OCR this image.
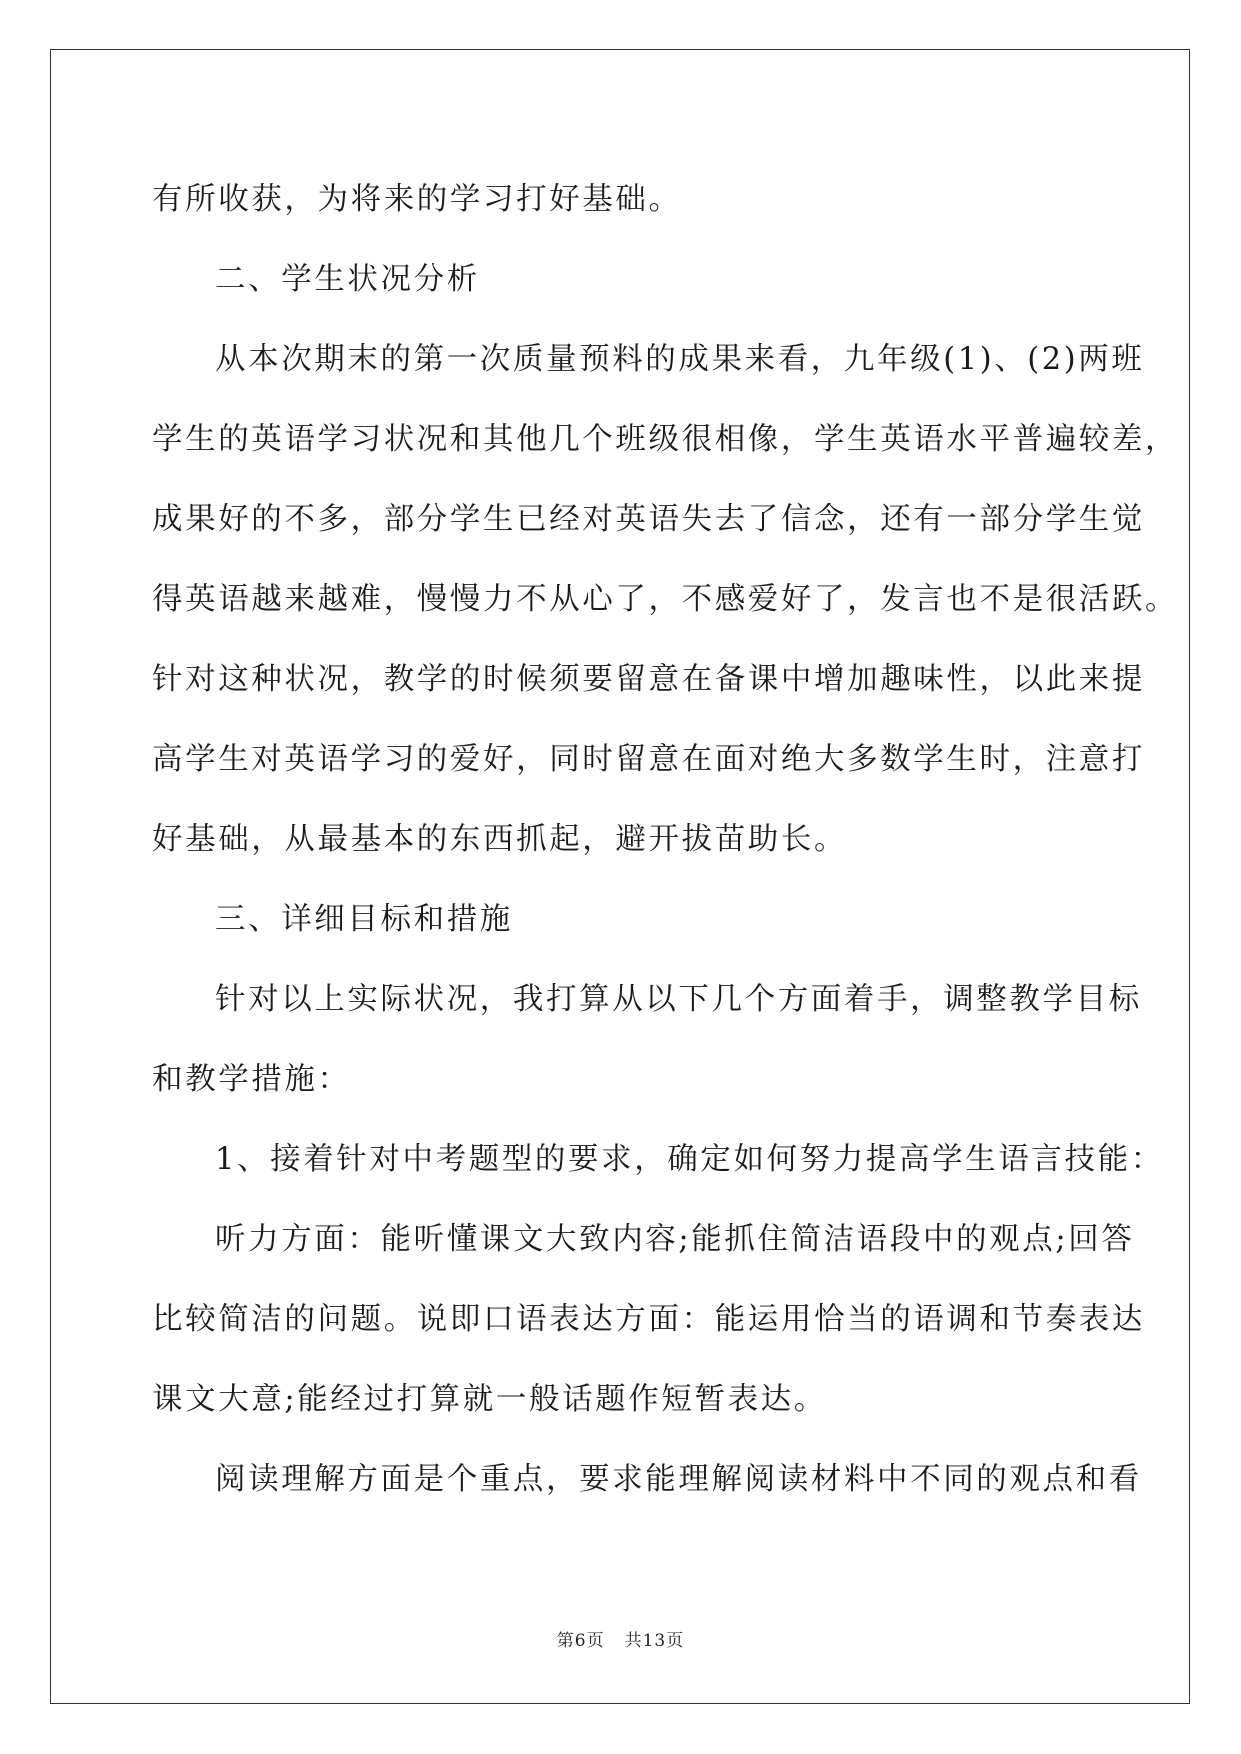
有所收获，为将来的学习打好基础。
二、学生状况分析
从本次期末的第一次质量预料的成果来看，九年级(1)、(2)两班
学生的英语学习状况和其他几个班级很相像，学生英语水平普遍较差，
成果好的不多，部分学生已经对英语失去了信念，还有一部分学生觉
得英语越来越难，慢慢力不从心了，不感爱好了，发言也不是很活跃。
针对这种状况，教学的时候须要留意在备课中增加趣味性，以此来提
高学生对英语学习的爱好，同时留意在面对绝大多数学生时，注意打
好基础，从最基本的东西抓起，避开拔苗助长。
三、详细目标和措施
针对以上实际状况，我打算从以下几个方面着手，调整教学目标
和教学措施：
1、接着针对中考题型的要求，确定如何努力提高学生语言技能：
听力方面：能听懂课文大致内容;能抓住简洁语段中的观点;回答
比较简洁的问题。说即口语表达方面：能运用恰当的语调和节奏表达
课文大意;能经过打算就一般话题作短暂表达。
阅读理解方面是个重点，要求能理解阅读材料中不同的观点和看
第6页 共13页
